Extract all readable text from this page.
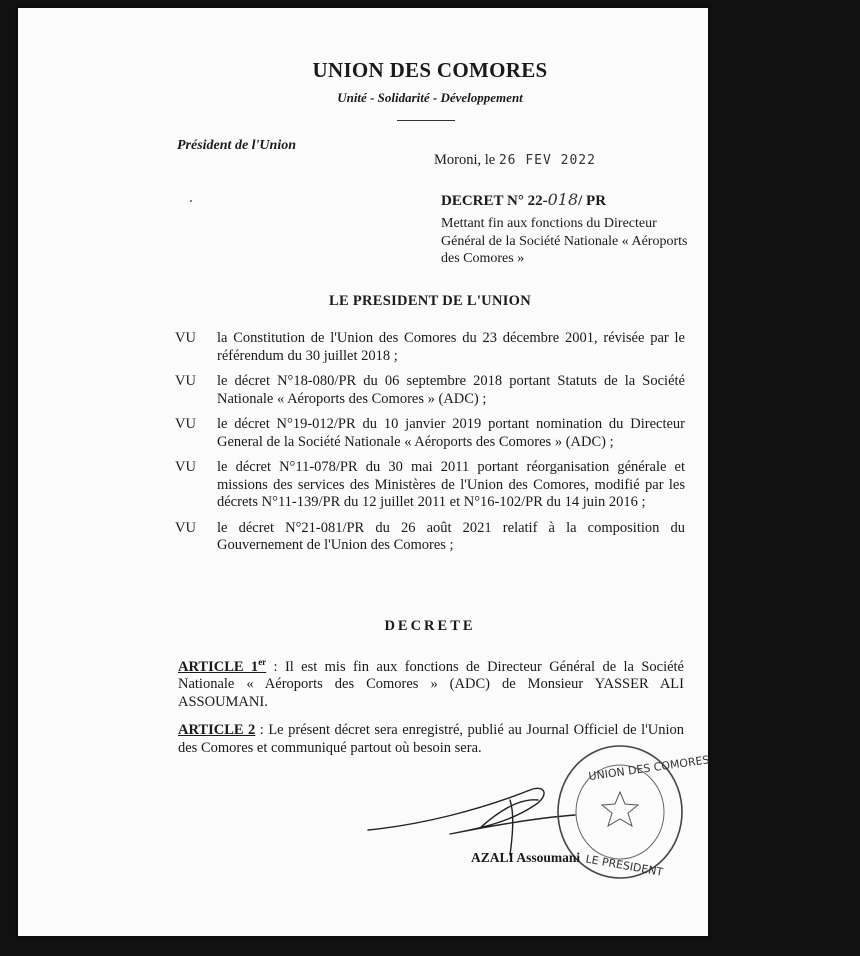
UNION DES COMORES
Unité - Solidarité - Développement
Président de l'Union
Moroni, le 26 FEV 2022
DECRET N° 22-018/ PR
Mettant fin aux fonctions du Directeur Général de la Société Nationale « Aéroports des Comores »
LE PRESIDENT DE L'UNION
VU	la Constitution de l'Union des Comores du 23 décembre 2001, révisée par le référendum du 30 juillet 2018 ;
VU	le décret N°18-080/PR du 06 septembre 2018 portant Statuts de la Société Nationale « Aéroports des Comores » (ADC) ;
VU	le décret N°19-012/PR du 10 janvier 2019 portant nomination du Directeur General de la Société Nationale « Aéroports des Comores » (ADC) ;
VU	le décret N°11-078/PR du 30 mai 2011 portant réorganisation générale et missions des services des Ministères de l'Union des Comores, modifié par les décrets N°11-139/PR du 12 juillet 2011 et N°16-102/PR du 14 juin 2016 ;
VU	le décret N°21-081/PR du 26 août 2021 relatif à la composition du Gouvernement de l'Union des Comores ;
DECRETE
ARTICLE 1er : Il est mis fin aux fonctions de Directeur Général de la Société Nationale « Aéroports des Comores » (ADC) de Monsieur YASSER ALI ASSOUMANI.
ARTICLE 2 : Le présent décret sera enregistré, publié au Journal Officiel de l'Union des Comores et communiqué partout où besoin sera.
UNION DES COMORES
LE PRESIDENT
AZALI Assoumani
